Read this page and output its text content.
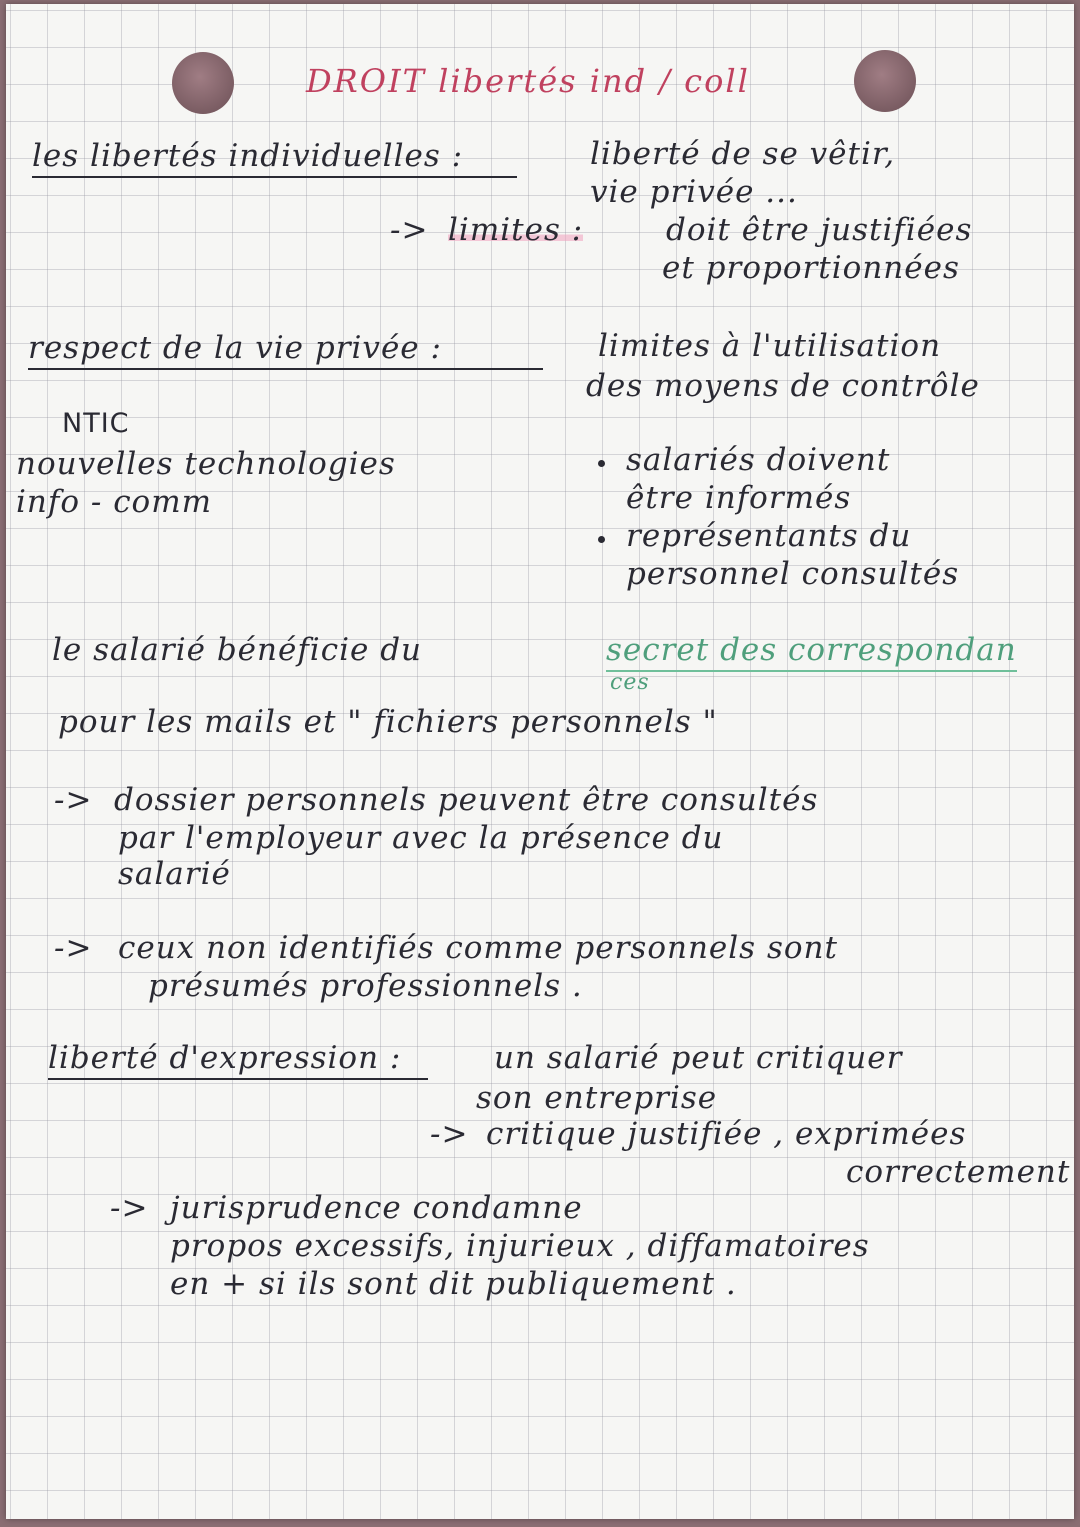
DROIT libertés ind / coll
les libertés individuelles :	liberté de se vêtir,
vie privée ...
-> limites :	doit être justifiées
et proportionnées
respect de la vie privée :	limites à l'utilisation
des moyens de contrôle
NTIC
nouvelles technologies
info - comm
salariés doivent
être informés
représentants du
personnel consultés
le salarié bénéficie du	secret des correspondan
ces
pour les mails et " fichiers personnels "
-> dossier personnels peuvent être consultés
par l'employeur avec la présence du
salarié
-> ceux non identifiés comme personnels sont
présumés professionnels .
liberté d'expression :	un salarié peut critiquer
son entreprise
-> critique justifiée , exprimées
correctement
-> jurisprudence condamne
propos excessifs, injurieux , diffamatoires
en + si ils sont dit publiquement .
